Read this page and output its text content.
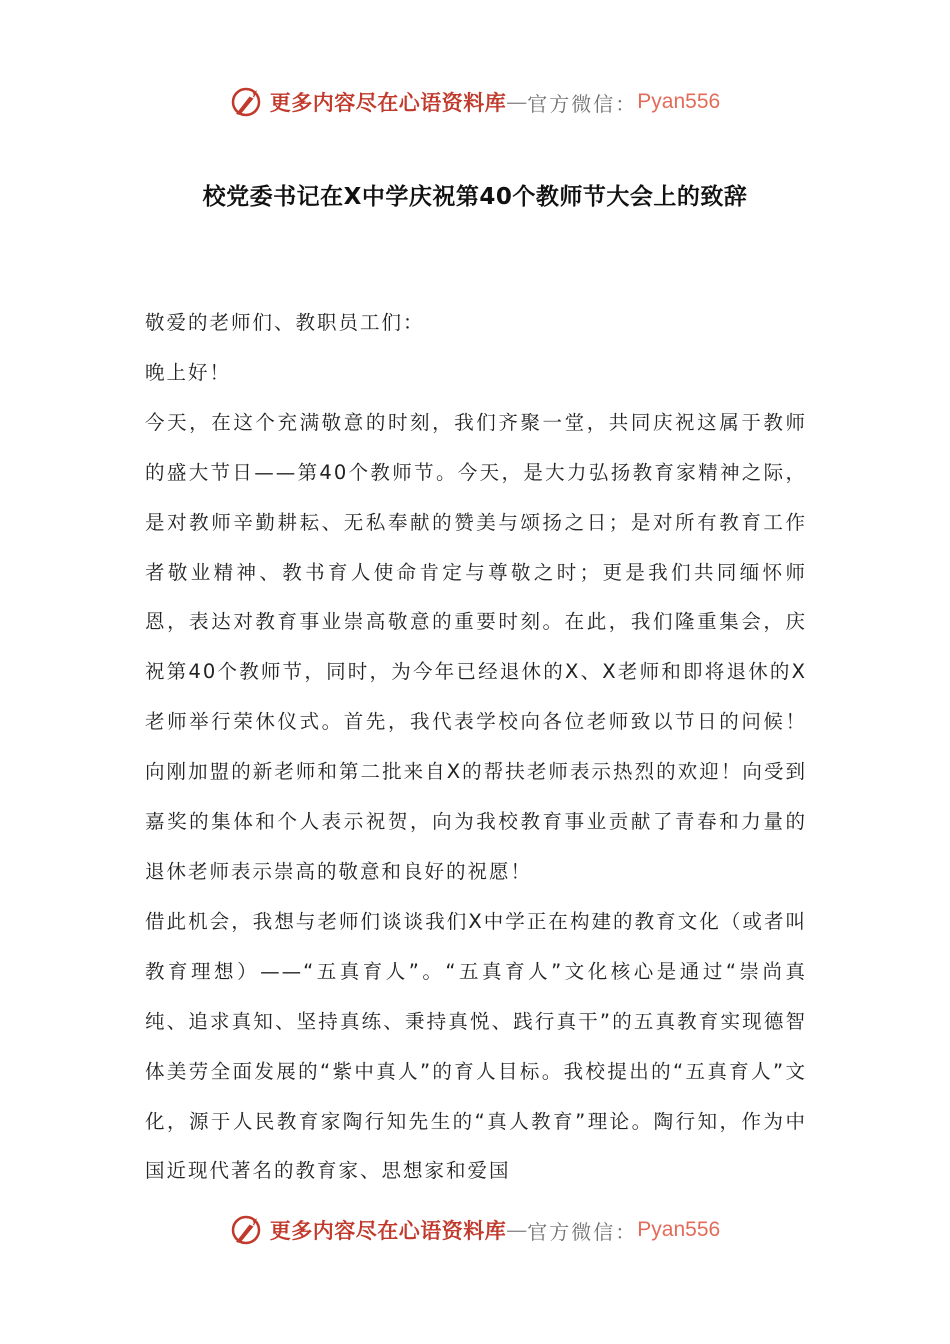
更多内容尽在心语资料库 — 官方微信： Pyan556
校党委书记在X中学庆祝第40个教师节大会上的致辞

敬爱的老师们、教职员工们：

晚上好！

今天，在这个充满敬意的时刻，我们齐聚一堂，共同庆祝这属于教师的盛大节日——第40个教师节。今天，是大力弘扬教育家精神之际，是对教师辛勤耕耘、无私奉献的赞美与颂扬之日；是对所有教育工作者敬业精神、教书育人使命肯定与尊敬之时；更是我们共同缅怀师恩，表达对教育事业崇高敬意的重要时刻。在此，我们隆重集会，庆祝第40个教师节，同时，为今年已经退休的X、X老师和即将退休的X老师举行荣休仪式。首先，我代表学校向各位老师致以节日的问候！向刚加盟的新老师和第二批来自X的帮扶老师表示热烈的欢迎！向受到嘉奖的集体和个人表示祝贺，向为我校教育事业贡献了青春和力量的退休老师表示崇高的敬意和良好的祝愿！

借此机会，我想与老师们谈谈我们X中学正在构建的教育文化（或者叫教育理想）——“五真育人”。“五真育人”文化核心是通过“崇尚真纯、追求真知、坚持真练、秉持真悦、践行真干”的五真教育实现德智体美劳全面发展的“紫中真人”的育人目标。我校提出的“五真育人”文化，源于人民教育家陶行知先生的“真人教育”理论。陶行知，作为中国近现代著名的教育家、思想家和爱国

更多内容尽在心语资料库 — 官方微信： Pyan556
